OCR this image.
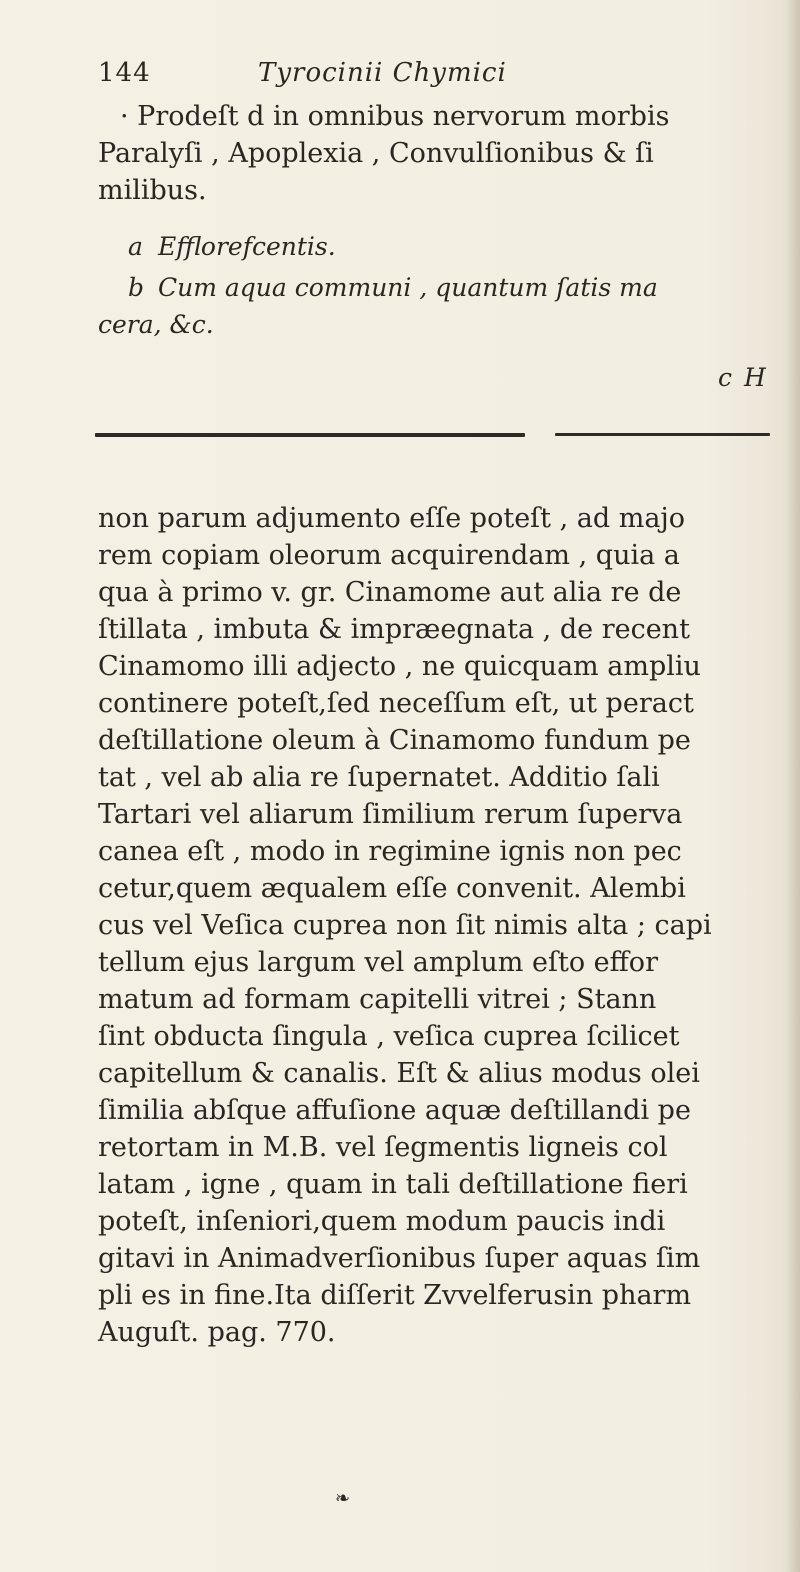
144	Tyrocinii Chymici
· Prodeſt d in omnibus nervorum morbis
Paralyſi , Apoplexia , Convulſionibus & ſi
milibus.
a Efflorefcentis.
b Cum aqua communi , quantum ſatis ma
cera, &c.
c H
non parum adjumento eſſe poteſt , ad majo
rem copiam oleorum acquirendam , quia a
qua à primo v. gr. Cinamome aut alia re de
ſtillata , imbuta & impræegnata , de recent
Cinamomo illi adjecto , ne quicquam ampliu
continere poteſt,ſed neceſſum eſt, ut peract
deſtillatione oleum à Cinamomo fundum pe
tat , vel ab alia re ſupernatet. Additio ſali
Tartari vel aliarum ſimilium rerum ſuperva
canea eſt , modo in regimine ignis non pec
cetur,quem æqualem eſſe convenit. Alembi
cus vel Veſica cuprea non ſit nimis alta ; capi
tellum ejus largum vel amplum eſto effor
matum ad formam capitelli vitrei ; Stann
ſint obducta ſingula , veſica cuprea ſcilicet
capitellum & canalis. Eſt & alius modus olei
ſimilia abſque affuſione aquæ deſtillandi pe
retortam in M.B. vel ſegmentis ligneis col
latam , igne , quam in tali deſtillatione fieri
poteſt, inſeniori,quem modum paucis indi
gitavi in Animadverſionibus ſuper aquas ſim
pli es in fine.Ita diſſerit Zvvelferusin pharm
Auguſt. pag. 770.
❧
